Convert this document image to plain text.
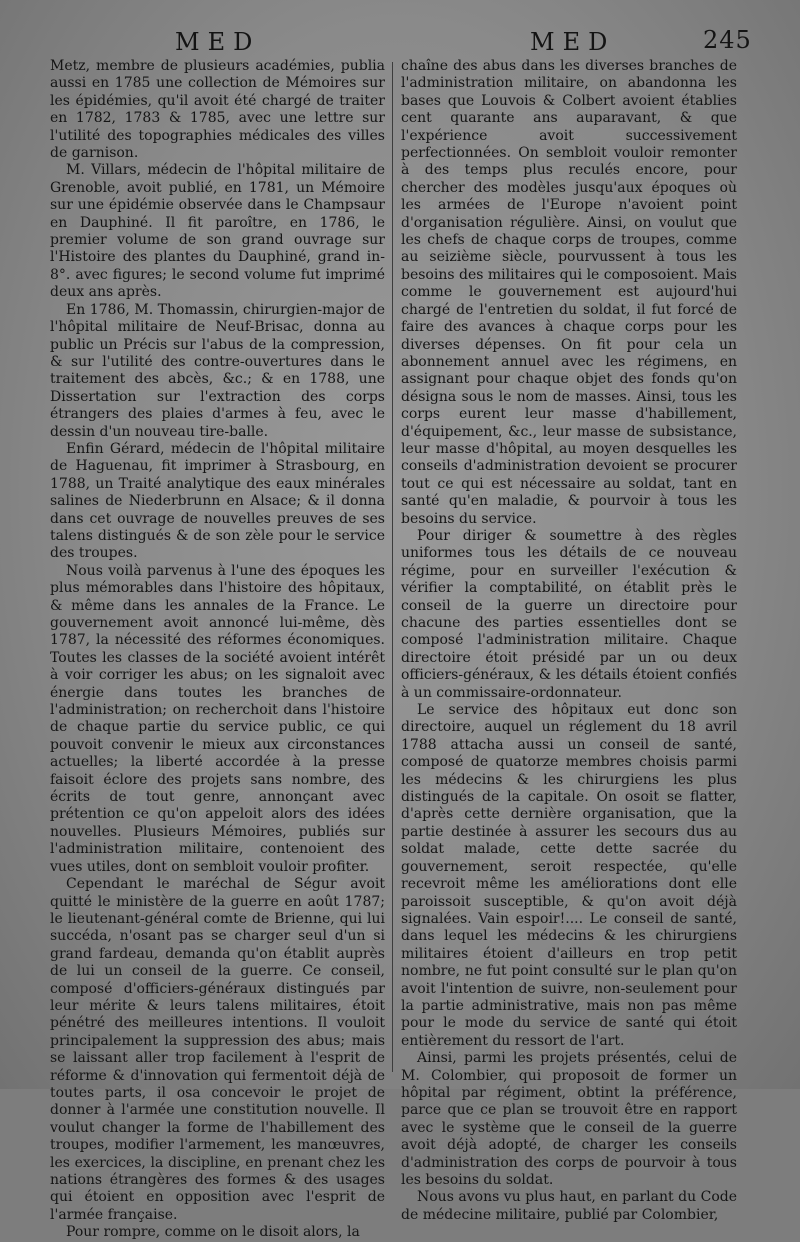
MED	MED	245

Metz, membre de plusieurs académies, publia aussi en 1785 une collection de Mémoires sur les épidémies, qu'il avoit été chargé de traiter en 1782, 1783 & 1785, avec une lettre sur l'utilité des topographies médicales des villes de garnison.

M. Villars, médecin de l'hôpital militaire de Grenoble, avoit publié, en 1781, un Mémoire sur une épidémie observée dans le Champsaur en Dauphiné. Il fit paroître, en 1786, le premier volume de son grand ouvrage sur l'Histoire des plantes du Dauphiné, grand in-8°. avec figures; le second volume fut imprimé deux ans après.

En 1786, M. Thomassin, chirurgien-major de l'hôpital militaire de Neuf-Brisac, donna au public un Précis sur l'abus de la compression, & sur l'utilité des contre-ouvertures dans le traitement des abcès, &c.; & en 1788, une Dissertation sur l'extraction des corps étrangers des plaies d'armes à feu, avec le dessin d'un nouveau tire-balle.

Enfin Gérard, médecin de l'hôpital militaire de Haguenau, fit imprimer à Strasbourg, en 1788, un Traité analytique des eaux minérales salines de Niederbrunn en Alsace; & il donna dans cet ouvrage de nouvelles preuves de ses talens distingués & de son zèle pour le service des troupes.

Nous voilà parvenus à l'une des époques les plus mémorables dans l'histoire des hôpitaux, & même dans les annales de la France. Le gouvernement avoit annoncé lui-même, dès 1787, la nécessité des réformes économiques. Toutes les classes de la société avoient intérêt à voir corriger les abus; on les signaloit avec énergie dans toutes les branches de l'administration; on recherchoit dans l'histoire de chaque partie du service public, ce qui pouvoit convenir le mieux aux circonstances actuelles; la liberté accordée à la presse faisoit éclore des projets sans nombre, des écrits de tout genre, annonçant avec prétention ce qu'on appeloit alors des idées nouvelles. Plusieurs Mémoires, publiés sur l'administration militaire, contenoient des vues utiles, dont on sembloit vouloir profiter.

Cependant le maréchal de Ségur avoit quitté le ministère de la guerre en août 1787; le lieutenant-général comte de Brienne, qui lui succéda, n'osant pas se charger seul d'un si grand fardeau, demanda qu'on établit auprès de lui un conseil de la guerre. Ce conseil, composé d'officiers-généraux distingués par leur mérite & leurs talens militaires, étoit pénétré des meilleures intentions. Il vouloit principalement la suppression des abus; mais se laissant aller trop facilement à l'esprit de réforme & d'innovation qui fermentoit déjà de toutes parts, il osa concevoir le projet de donner à l'armée une constitution nouvelle. Il voulut changer la forme de l'habillement des troupes, modifier l'armement, les manœuvres, les exercices, la discipline, en prenant chez les nations étrangères des formes & des usages qui étoient en opposition avec l'esprit de l'armée française.

Pour rompre, comme on le disoit alors, la

chaîne des abus dans les diverses branches de l'administration militaire, on abandonna les bases que Louvois & Colbert avoient établies cent quarante ans auparavant, & que l'expérience avoit successivement perfectionnées. On sembloit vouloir remonter à des temps plus reculés encore, pour chercher des modèles jusqu'aux époques où les armées de l'Europe n'avoient point d'organisation régulière. Ainsi, on voulut que les chefs de chaque corps de troupes, comme au seizième siècle, pourvussent à tous les besoins des militaires qui le composoient. Mais comme le gouvernement est aujourd'hui chargé de l'entretien du soldat, il fut forcé de faire des avances à chaque corps pour les diverses dépenses. On fit pour cela un abonnement annuel avec les régimens, en assignant pour chaque objet des fonds qu'on désigna sous le nom de masses. Ainsi, tous les corps eurent leur masse d'habillement, d'équipement, &c., leur masse de subsistance, leur masse d'hôpital, au moyen desquelles les conseils d'administration devoient se procurer tout ce qui est nécessaire au soldat, tant en santé qu'en maladie, & pourvoir à tous les besoins du service.

Pour diriger & soumettre à des règles uniformes tous les détails de ce nouveau régime, pour en surveiller l'exécution & vérifier la comptabilité, on établit près le conseil de la guerre un directoire pour chacune des parties essentielles dont se composé l'administration militaire. Chaque directoire étoit présidé par un ou deux officiers-généraux, & les détails étoient confiés à un commissaire-ordonnateur.

Le service des hôpitaux eut donc son directoire, auquel un réglement du 18 avril 1788 attacha aussi un conseil de santé, composé de quatorze membres choisis parmi les médecins & les chirurgiens les plus distingués de la capitale. On osoit se flatter, d'après cette dernière organisation, que la partie destinée à assurer les secours dus au soldat malade, cette dette sacrée du gouvernement, seroit respectée, qu'elle recevroit même les améliorations dont elle paroissoit susceptible, & qu'on avoit déjà signalées. Vain espoir!.... Le conseil de santé, dans lequel les médecins & les chirurgiens militaires étoient d'ailleurs en trop petit nombre, ne fut point consulté sur le plan qu'on avoit l'intention de suivre, non-seulement pour la partie administrative, mais non pas même pour le mode du service de santé qui étoit entièrement du ressort de l'art.

Ainsi, parmi les projets présentés, celui de M. Colombier, qui proposoit de former un hôpital par régiment, obtint la préférence, parce que ce plan se trouvoit être en rapport avec le système que le conseil de la guerre avoit déjà adopté, de charger les conseils d'administration des corps de pourvoir à tous les besoins du soldat.

Nous avons vu plus haut, en parlant du Code de médecine militaire, publié par Colombier,
